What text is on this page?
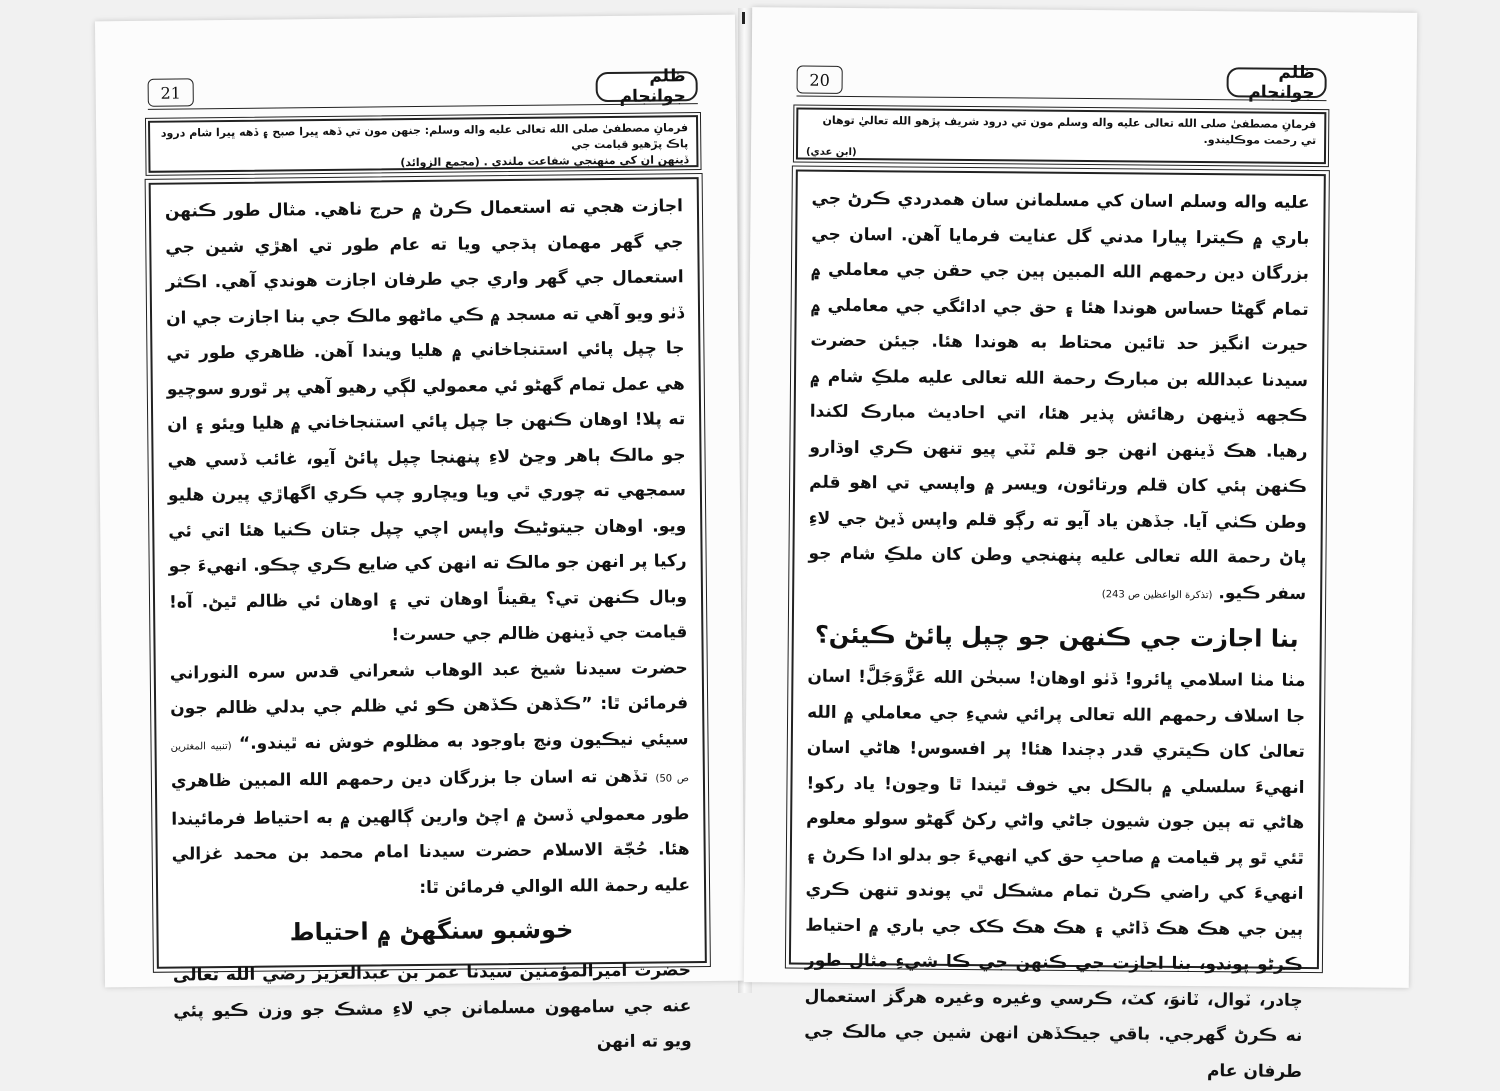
21
ظلم جوانجام
فرمانِ مصطفیٰ صلى الله تعالى عليه واله وسلم: جنهن مون تي ڏهه ڀيرا صبح ۽ ڏهه ڀيرا شام درود پاڪ پڙهيو قيامت جي
ڏينهن ان کي منهنجي شفاعت ملندي . (مجمع الزوائد)

اجازت هجي ته استعمال ڪرڻ ۾ حرج ناهي. مثال طور ڪنهن جي گهر مهمان ٻڌجي ويا ته عام طور تي اهڙي شين جي استعمال جي گهر واري جي طرفان اجازت هوندي آهي. اڪثر ڏٺو ويو آهي ته مسجد ۾ ڪي ماڻهو مالڪ جي بنا اجازت جي ان جا چپل پائي استنجاخاني ۾ هليا ويندا آهن. ظاهري طور تي هي عمل تمام گهڻو ئي معمولي لڳي رهيو آهي پر ٿورو سوچيو ته پلا! اوهان ڪنهن جا چپل پائي استنجاخاني ۾ هليا ويئو ۽ ان جو مالڪ ٻاهر وڃڻ لاءِ پنهنجا چپل پائڻ آيو، غائب ڏسي هي سمجهي ته چوري ٿي ويا ويچارو چپ ڪري اگهاڙي پيرن هليو ويو. اوهان جيتوڻيڪ واپس اچي چپل جتان ڪنيا هئا اتي ئي رکيا پر انهن جو مالڪ ته انهن کي ضايع ڪري چڪو. انهيءَ جو وبال ڪنهن تي؟ يقيناً اوهان تي ۽ اوهان ئي ظالم ٿيڻ. آه! قيامت جي ڏينهن ظالم جي حسرت!

حضرت سيدنا شيخ عبد الوهاب شعراني قدس سره النوراني فرمائن ٿا: ”ڪڏهن ڪڏهن ڪو ئي ظلم جي بدلي ظالم جون سيئي نيڪيون ونڃ باوجود به مظلوم خوش نه ٿيندو.“ (تنبيه المغترين ص 50) تڏهن ته اسان جا بزرگان دين رحمهم الله المبين ظاهري طور معمولي ڏسڻ ۾ اچڻ وارين ڳالهين ۾ به احتياط فرمائيندا هئا. حُجّة الاسلام حضرت سيدنا امام محمد بن محمد غزالي عليه رحمة الله الوالي فرمائن ٿا:

خوشبو سنگهڻ ۾ احتياط

حضرت اميرالمؤمنين سيدنا عمر بن عبدالعزيز رضي الله تعالى عنه جي سامهون مسلمانن جي لاءِ مشڪ جو وزن ڪيو پئي ويو ته انهن

20	ظلم جوانجام
فرمانِ مصطفیٰ صلى الله تعالى عليه واله وسلم مون تي درود شريف پڙهو الله تعاليٰ توهان تي رحمت موڪليندو.
(ابن عدي)

عليه واله وسلم اسان کي مسلمانن سان همدردي ڪرڻ جي باري ۾ ڪيترا پيارا مدني گل عنايت فرمايا آهن. اسان جي بزرگان دين رحمهم الله المبين ٻين جي حقن جي معاملي ۾ تمام گهڻا حساس هوندا هئا ۽ حق جي ادائگي جي معاملي ۾ حيرت انگيز حد تائين محتاط به هوندا هئا. جيئن حضرت سيدنا عبدالله بن مبارڪ رحمة الله تعالى عليه ملڪِ شام ۾ ڪجهه ڏينهن رهائش پذير هئا، اتي احاديث مبارڪ لکندا رهيا. هڪ ڏينهن انهن جو قلم ٽٽي پيو تنهن ڪري اوڌارو ڪنهن ٻئي کان قلم ورتائون، ويسر ۾ واپسي تي اهو قلم وطن ڪٺي آيا. جڏهن ياد آيو ته رڳو قلم واپس ڏيڻ جي لاءِ پاڻ رحمة الله تعالى عليه پنهنجي وطن کان ملڪِ شام جو سفر ڪيو. (تذكرة الواعظين ص 243)

بنا اجازت جي ڪنهن جو چپل پائڻ ڪيئن؟

مٺا مٺا اسلامي ڀائرو! ڏٺو اوهان! سبحٰن الله عَزَّوَجَلَّ! اسان جا اسلاف رحمهم الله تعالى پرائي شيءِ جي معاملي ۾ الله تعالىٰ کان ڪيتري قدر ڊڄندا هئا! پر افسوس! هاڻي اسان انهيءَ سلسلي ۾ بالڪل بي خوف ٿيندا ٿا وڃون! ياد رکو! هاڻي ته ٻين جون شيون جاڻي واڻي رکڻ گهڻو سولو معلوم ٿئي ٿو پر قيامت ۾ صاحبِ حق کي انهيءَ جو بدلو ادا ڪرڻ ۽ انهيءَ کي راضي ڪرڻ تمام مشڪل ٿي پوندو تنهن ڪري ٻين جي هڪ هڪ ڏاڻي ۽ هڪ هڪ ڪک جي باري ۾ احتياط ڪرڻو پوندو، بنا اجازت جي ڪنهن جي ڪا شيءِ مثال طور چادر، ٽوال، ٽانوَ، کٽ، ڪرسي وغيره وغيره هرگز استعمال نه ڪرڻ گهرجي. باقي جيڪڏهن انهن شين جي مالڪ جي طرفان عام
